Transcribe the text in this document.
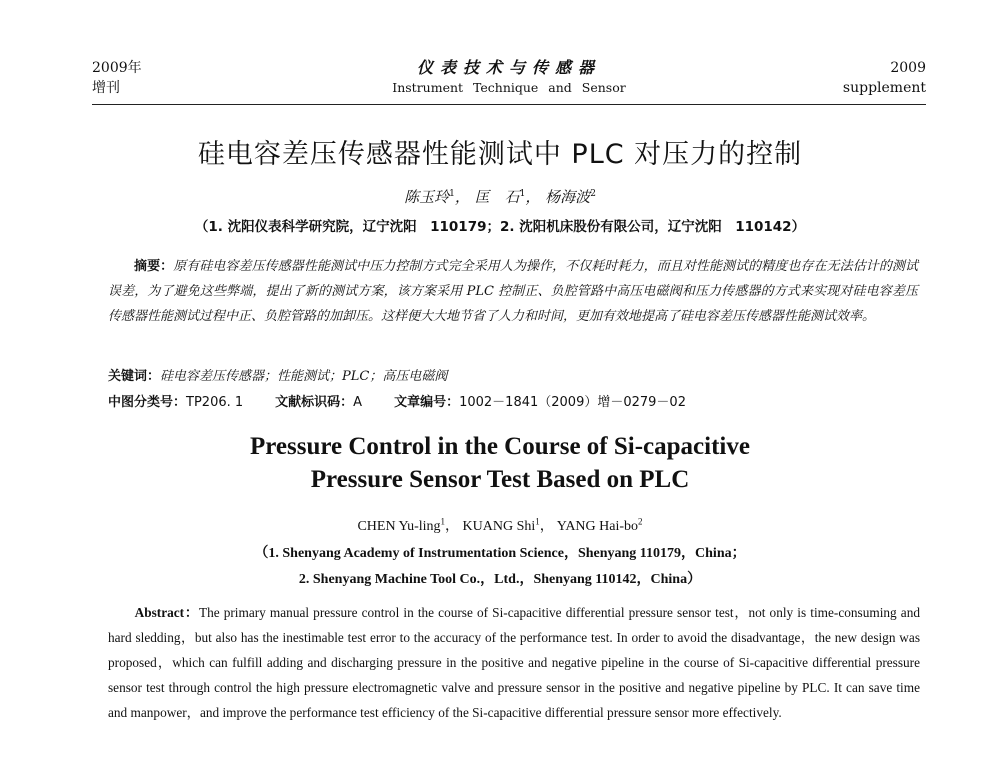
2009年
增刊
仪表技术与传感器
Instrument Technique and Sensor
2009
supplement
硅电容差压传感器性能测试中 PLC 对压力的控制
陈玉玲$^1$， 匡　石$^1$， 杨海波$^2$
（1. 沈阳仪表科学研究院，辽宁沈阳　110179；2. 沈阳机床股份有限公司，辽宁沈阳　110142）
摘要：原有硅电容差压传感器性能测试中压力控制方式完全采用人为操作，不仅耗时耗力，而且对性能测试的精度也存在无法估计的测试误差，为了避免这些弊端，提出了新的测试方案，该方案采用 PLC 控制正、负腔管路中高压电磁阀和压力传感器的方式来实现对硅电容差压传感器性能测试过程中正、负腔管路的加卸压。这样便大大地节省了人力和时间，更加有效地提高了硅电容差压传感器性能测试效率。
关键词：硅电容差压传感器；性能测试；PLC；高压电磁阀
中图分类号：TP206. 1 文献标识码：A 文章编号：1002－1841（2009）增－0279－02
Pressure Control in the Course of Si-capacitive
Pressure Sensor Test Based on PLC
CHEN Yu-ling$^1$， KUANG Shi$^1$， YANG Hai-$bo^2$
（1. Shenyang Academy of Instrumentation Science，Shenyang 110179，China；
2. Shenyang Machine Tool Co.，Ltd.，Shenyang 110142，China）
Abstract：The primary manual pressure control in the course of Si-capacitive differential pressure sensor test，not only is time-consuming and hard sledding，but also has the inestimable test error to the accuracy of the performance test. In order to avoid the disadvantage，the new design was proposed，which can fulfill adding and discharging pressure in the positive and negative pipeline in the course of Si-capacitive differential pressure sensor test through control the high pressure electromagnetic valve and pressure sensor in the positive and negative pipeline by PLC. It can save time and manpower，and improve the performance test efficiency of the Si-capacitive differential pressure sensor more effectively.
